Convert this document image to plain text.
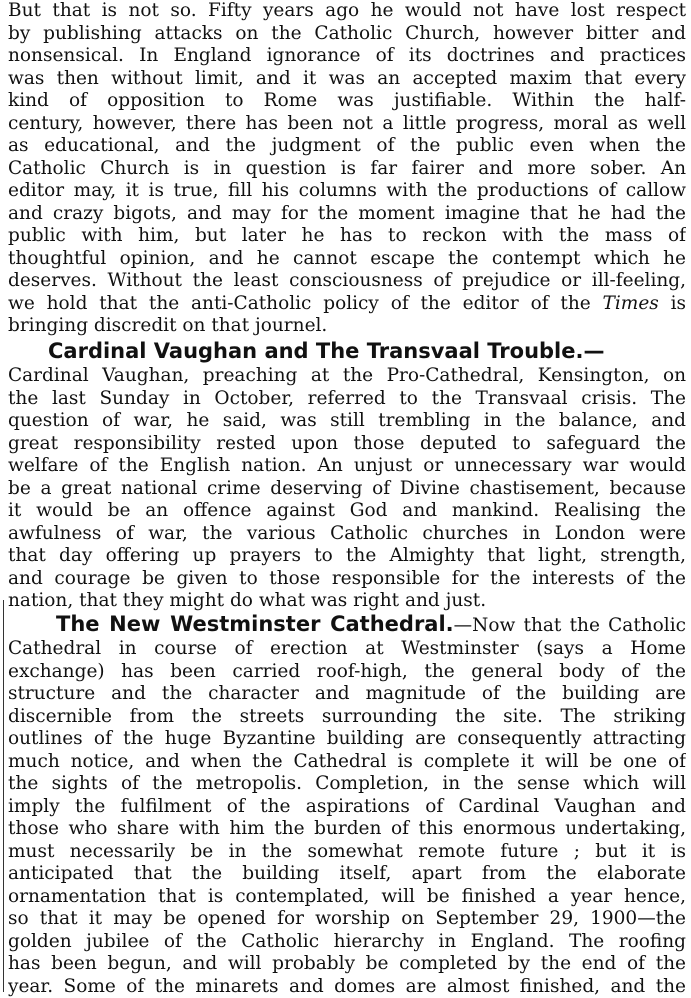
But that is not so. Fifty years ago he would not have lost respect
by publishing attacks on the Catholic Church, however bitter and
nonsensical. In England ignorance of its doctrines and practices
was then without limit, and it was an accepted maxim that every
kind of opposition to Rome was justifiable. Within the half-
century, however, there has been not a little progress, moral as well
as educational, and the judgment of the public even when the
Catholic Church is in question is far fairer and more sober. An
editor may, it is true, fill his columns with the productions of callow
and crazy bigots, and may for the moment imagine that he had the
public with him, but later he has to reckon with the mass of
thoughtful opinion, and he cannot escape the contempt which he
deserves. Without the least consciousness of prejudice or ill-feeling,
we hold that the anti-Catholic policy of the editor of the Times is
bringing discredit on that journel.
Cardinal Vaughan and The Transvaal Trouble.—
Cardinal Vaughan, preaching at the Pro-Cathedral, Kensington, on
the last Sunday in October, referred to the Transvaal crisis. The
question of war, he said, was still trembling in the balance, and
great responsibility rested upon those deputed to safeguard the
welfare of the English nation. An unjust or unnecessary war would
be a great national crime deserving of Divine chastisement, because
it would be an offence against God and mankind. Realising the
awfulness of war, the various Catholic churches in London were
that day offering up prayers to the Almighty that light, strength,
and courage be given to those responsible for the interests of the
nation, that they might do what was right and just.
The New Westminster Cathedral.—Now that the Catholic
Cathedral in course of erection at Westminster (says a Home
exchange) has been carried roof-high, the general body of the
structure and the character and magnitude of the building are
discernible from the streets surrounding the site. The striking
outlines of the huge Byzantine building are consequently attracting
much notice, and when the Cathedral is complete it will be one of
the sights of the metropolis. Completion, in the sense which will
imply the fulfilment of the aspirations of Cardinal Vaughan and
those who share with him the burden of this enormous undertaking,
must necessarily be in the somewhat remote future ; but it is
anticipated that the building itself, apart from the elaborate
ornamentation that is contemplated, will be finished a year hence,
so that it may be opened for worship on September 29, 1900—the
golden jubilee of the Catholic hierarchy in England. The roofing
has been begun, and will probably be completed by the end of the
year. Some of the minarets and domes are almost finished, and the
